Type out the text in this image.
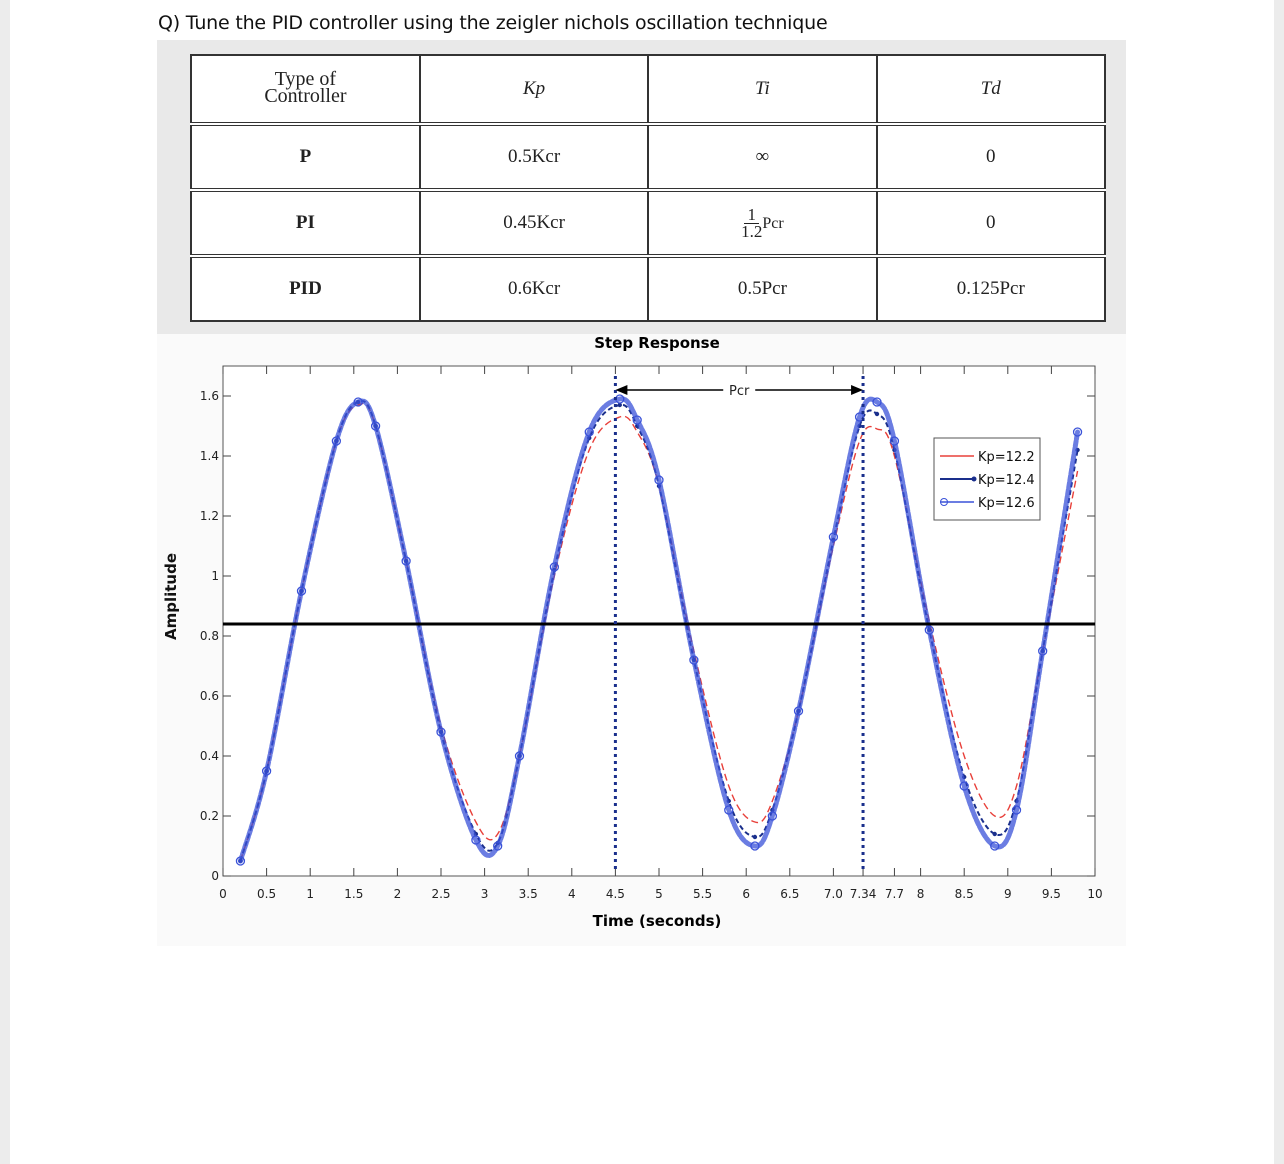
Q) Tune the PID controller using the zeigler nichols oscillation technique
Type of Controller	Kp	Ti	Td
P	0.5Kcr	∞	0
PI	0.45Kcr	$\frac{1}{1.2}$ Pcr	0
PID	0.6Kcr	0.5Pcr	0.125Pcr
Step Response
0	0.5	1	1.5	2	2.5	3	3.5	4	4.5	5	5.5	6	6.5 7.0 7.34 7.7 8	8.5	9	9.5 10
0
0.2
0.4
0.6
0.8
1
1.2
1.4
1.6	Pcr
Time (seconds)
Kp=12.2
Kp=12.4
Kp=12.6
Amplitude
